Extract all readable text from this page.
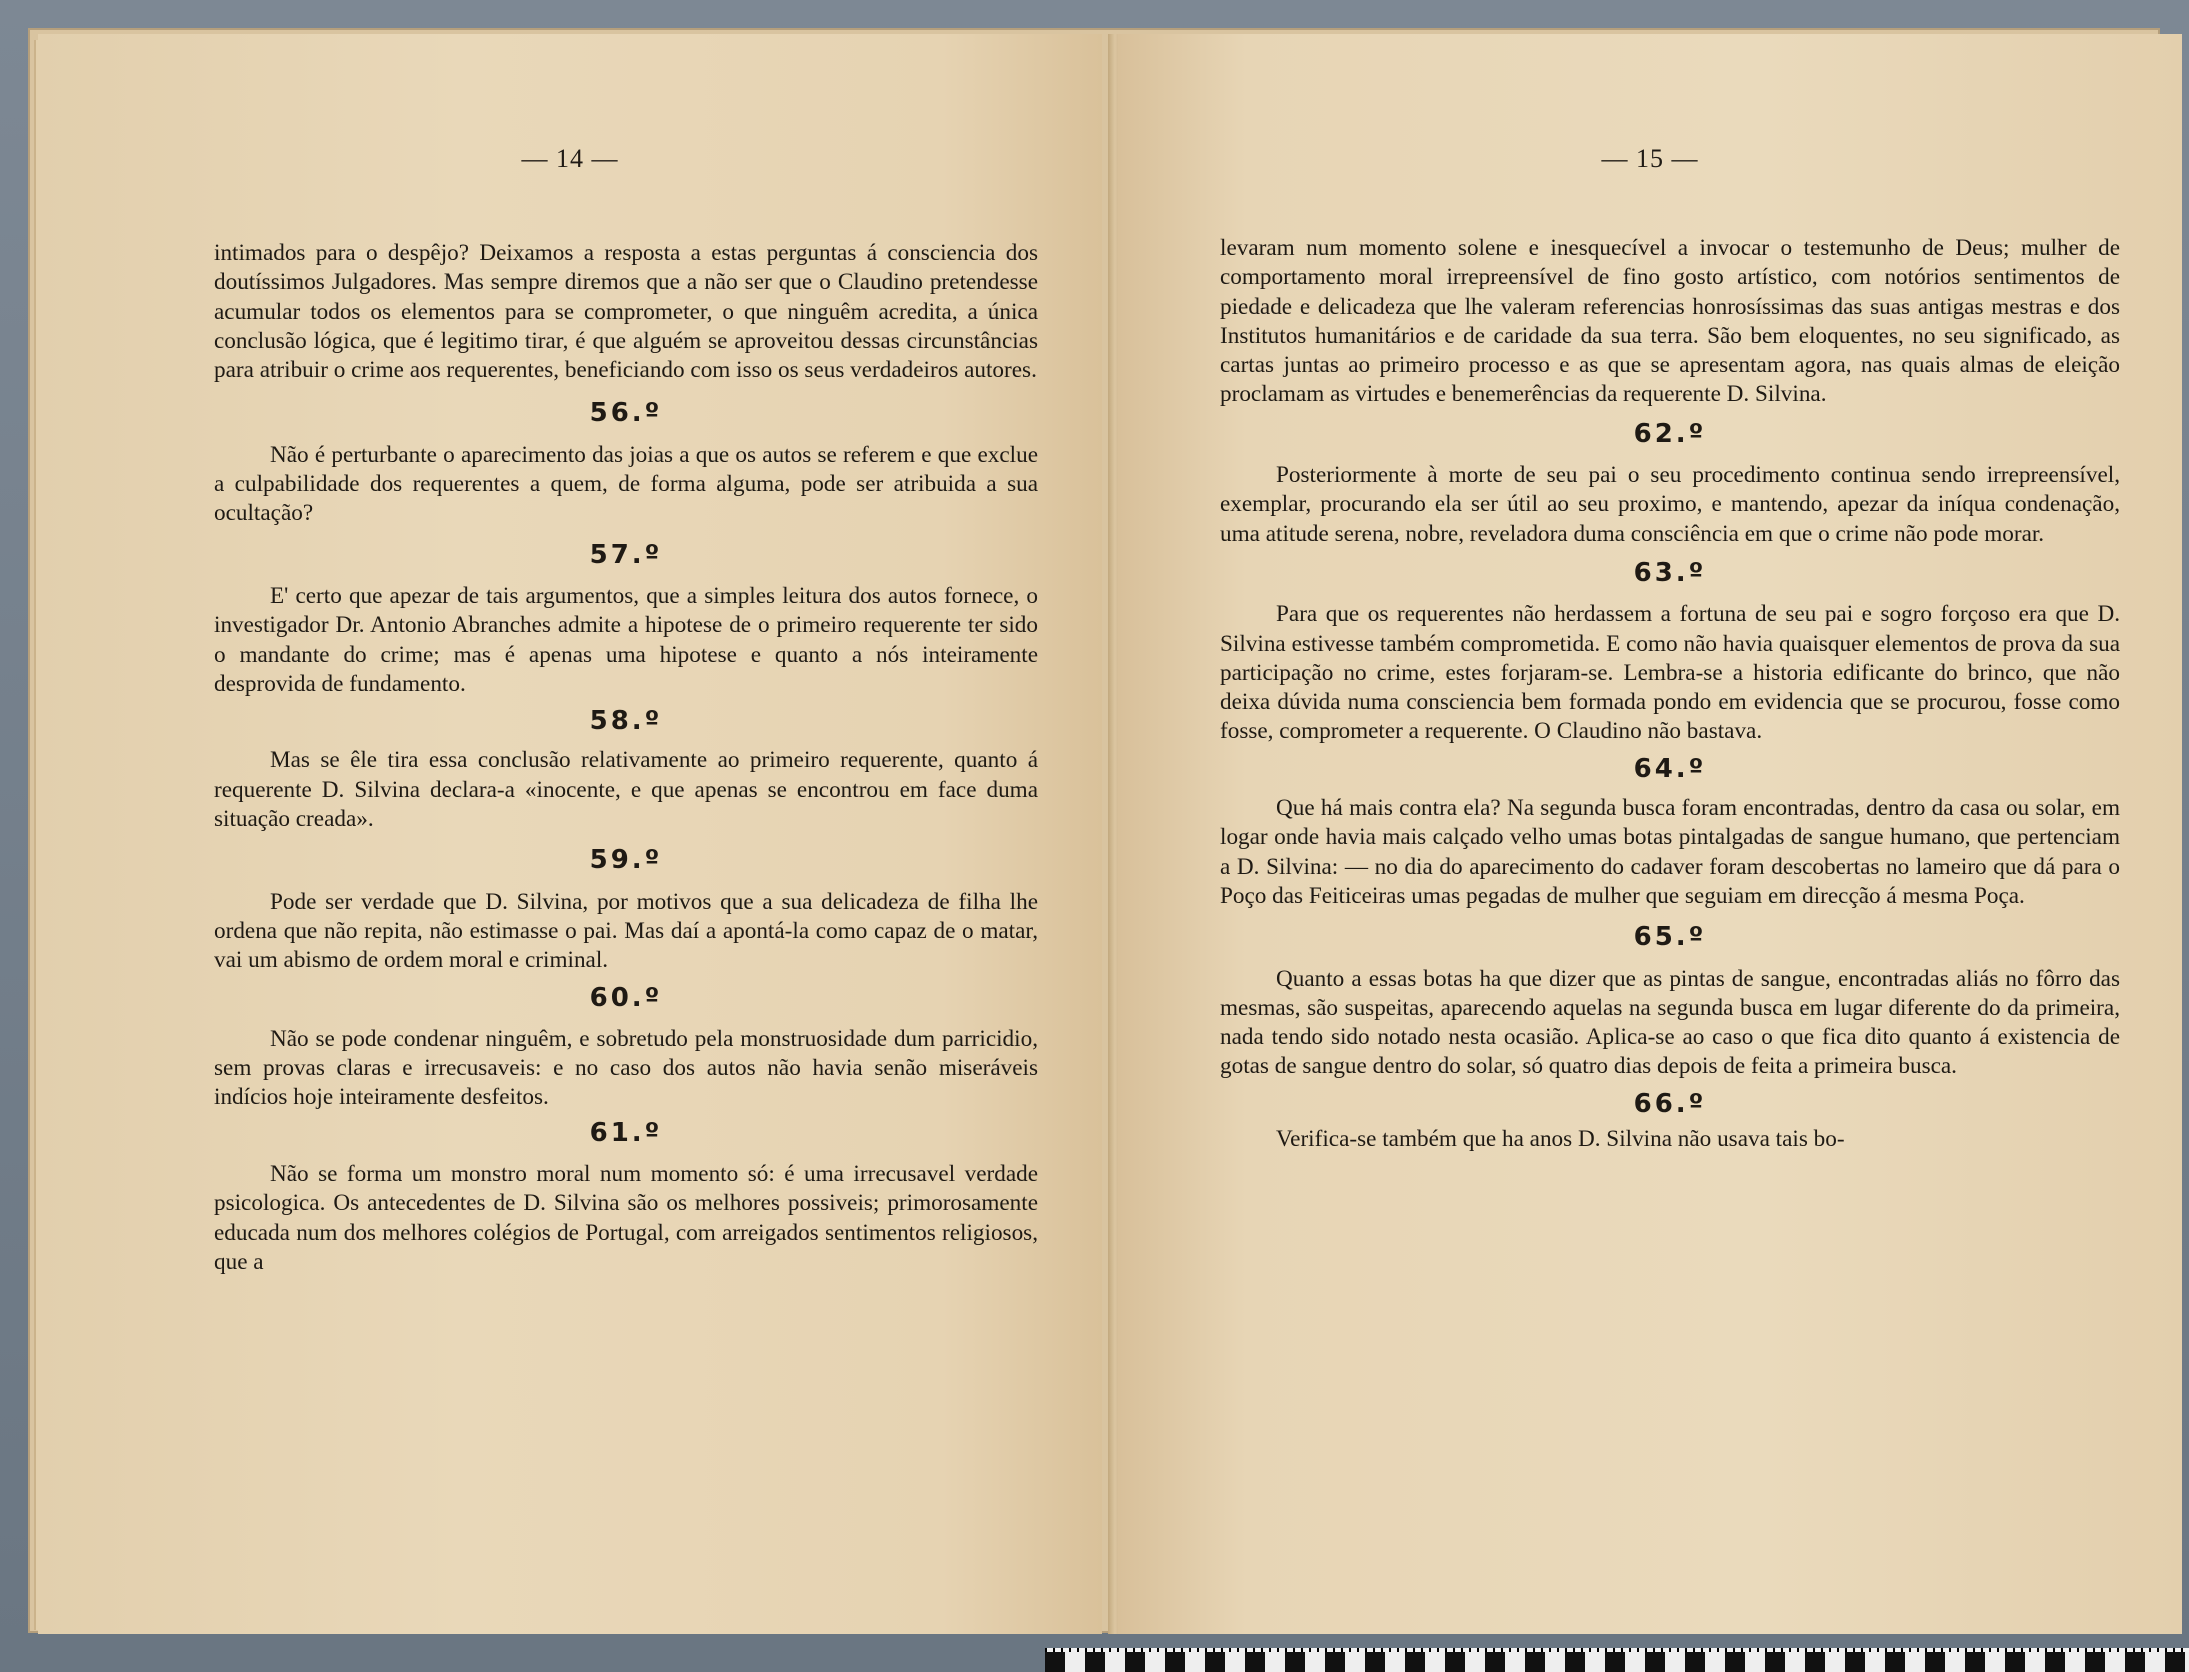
— 14 —

intimados para o despêjo? Deixamos a resposta a estas perguntas á consciencia dos doutíssimos Julgadores. Mas sempre diremos que a não ser que o Claudino pretendesse acumular todos os elementos para se comprometer, o que ninguêm acredita, a única conclusão lógica, que é legitimo tirar, é que alguém se aproveitou dessas circunstâncias para atribuir o crime aos requerentes, beneficiando com isso os seus verdadeiros autores.

56.º

Não é perturbante o aparecimento das joias a que os autos se referem e que exclue a culpabilidade dos requerentes a quem, de forma alguma, pode ser atribuida a sua ocultação?

57.º

E' certo que apezar de tais argumentos, que a simples leitura dos autos fornece, o investigador Dr. Antonio Abranches admite a hipotese de o primeiro requerente ter sido o mandante do crime; mas é apenas uma hipotese e quanto a nós inteiramente desprovida de fundamento.

58.º

Mas se êle tira essa conclusão relativamente ao primeiro requerente, quanto á requerente D. Silvina declara-a «inocente, e que apenas se encontrou em face duma situação creada».

59.º

Pode ser verdade que D. Silvina, por motivos que a sua delicadeza de filha lhe ordena que não repita, não estimasse o pai. Mas daí a apontá-la como capaz de o matar, vai um abismo de ordem moral e criminal.

60.º

Não se pode condenar ninguêm, e sobretudo pela monstruosidade dum parricidio, sem provas claras e irrecusaveis: e no caso dos autos não havia senão miseráveis indícios hoje inteiramente desfeitos.

61.º

Não se forma um monstro moral num momento só: é uma irrecusavel verdade psicologica. Os antecedentes de D. Silvina são os melhores possiveis; primorosamente educada num dos melhores colégios de Portugal, com arreigados sentimentos religiosos, que a

— 15 —

levaram num momento solene e inesquecível a invocar o testemunho de Deus; mulher de comportamento moral irrepreensível de fino gosto artístico, com notórios sentimentos de piedade e delicadeza que lhe valeram referencias honrosíssimas das suas antigas mestras e dos Institutos humanitários e de caridade da sua terra. São bem eloquentes, no seu significado, as cartas juntas ao primeiro processo e as que se apresentam agora, nas quais almas de eleição proclamam as virtudes e benemerências da requerente D. Silvina.

62.º

Posteriormente à morte de seu pai o seu procedimento continua sendo irrepreensível, exemplar, procurando ela ser útil ao seu proximo, e mantendo, apezar da iníqua condenação, uma atitude serena, nobre, reveladora duma consciência em que o crime não pode morar.

63.º

Para que os requerentes não herdassem a fortuna de seu pai e sogro forçoso era que D. Silvina estivesse também comprometida. E como não havia quaisquer elementos de prova da sua participação no crime, estes forjaram-se. Lembra-se a historia edificante do brinco, que não deixa dúvida numa consciencia bem formada pondo em evidencia que se procurou, fosse como fosse, comprometer a requerente. O Claudino não bastava.

64.º

Que há mais contra ela? Na segunda busca foram encontradas, dentro da casa ou solar, em logar onde havia mais calçado velho umas botas pintalgadas de sangue humano, que pertenciam a D. Silvina: — no dia do aparecimento do cadaver foram descobertas no lameiro que dá para o Poço das Feiticeiras umas pegadas de mulher que seguiam em direcção á mesma Poça.

65.º

Quanto a essas botas ha que dizer que as pintas de sangue, encontradas aliás no fôrro das mesmas, são suspeitas, aparecendo aquelas na segunda busca em lugar diferente do da primeira, nada tendo sido notado nesta ocasião. Aplica-se ao caso o que fica dito quanto á existencia de gotas de sangue dentro do solar, só quatro dias depois de feita a primeira busca.

66.º

Verifica-se também que ha anos D. Silvina não usava tais bo-
